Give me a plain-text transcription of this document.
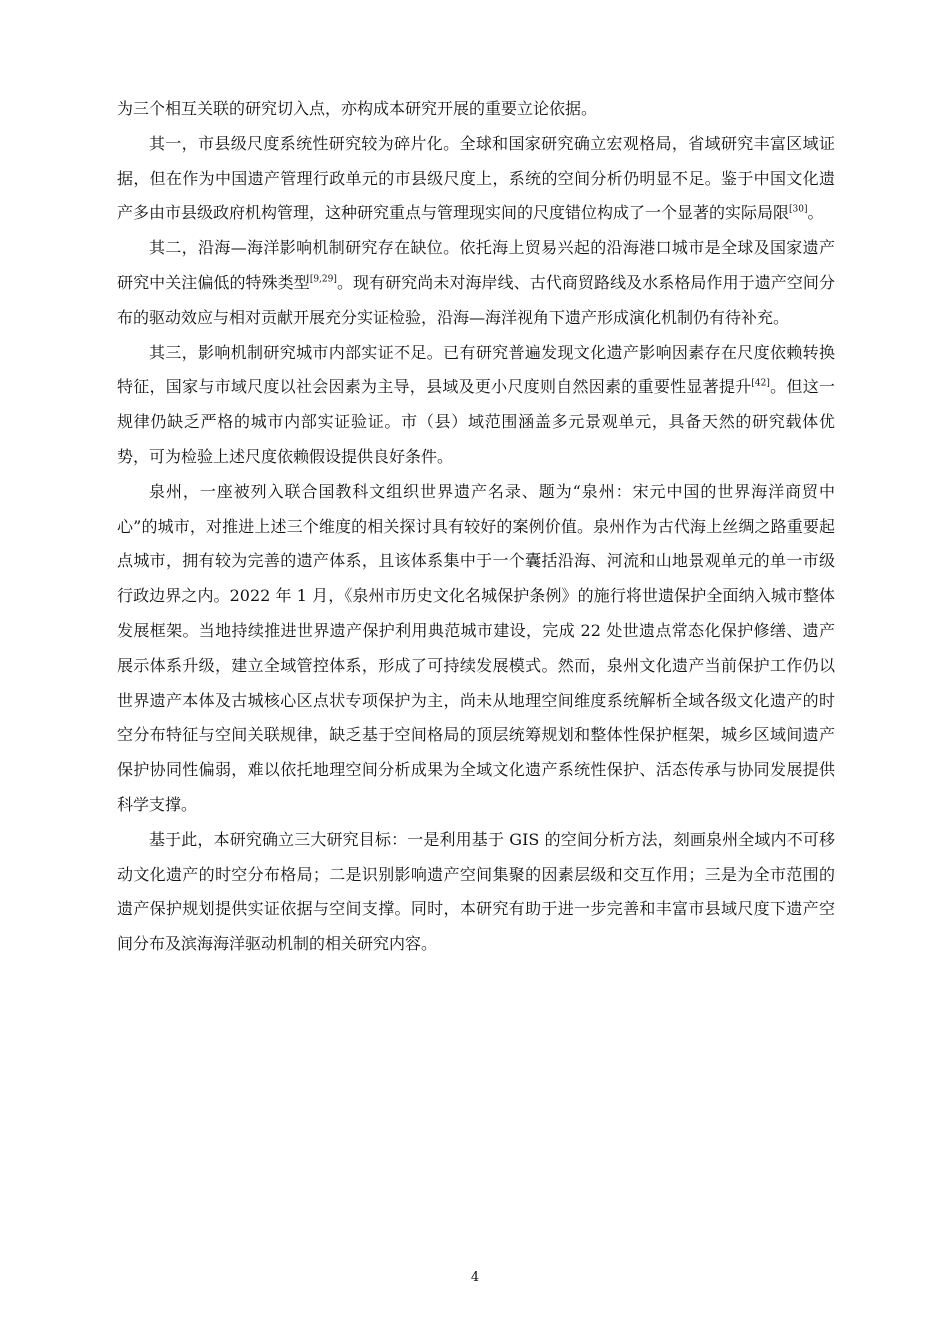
为三个相互关联的研究切入点，亦构成本研究开展的重要立论依据。

其一，市县级尺度系统性研究较为碎片化。全球和国家研究确立宏观格局，省域研究丰富区域证据，但在作为中国遗产管理行政单元的市县级尺度上，系统的空间分析仍明显不足。鉴于中国文化遗产多由市县级政府机构管理，这种研究重点与管理现实间的尺度错位构成了一个显著的实际局限[30]。

其二，沿海—海洋影响机制研究存在缺位。依托海上贸易兴起的沿海港口城市是全球及国家遗产研究中关注偏低的特殊类型[9,29]。现有研究尚未对海岸线、古代商贸路线及水系格局作用于遗产空间分布的驱动效应与相对贡献开展充分实证检验，沿海—海洋视角下遗产形成演化机制仍有待补充。

其三，影响机制研究城市内部实证不足。已有研究普遍发现文化遗产影响因素存在尺度依赖转换特征，国家与市域尺度以社会因素为主导，县域及更小尺度则自然因素的重要性显著提升[42]。但这一规律仍缺乏严格的城市内部实证验证。市（县）域范围涵盖多元景观单元，具备天然的研究载体优势，可为检验上述尺度依赖假设提供良好条件。

泉州，一座被列入联合国教科文组织世界遗产名录、题为“泉州：宋元中国的世界海洋商贸中心”的城市，对推进上述三个维度的相关探讨具有较好的案例价值。泉州作为古代海上丝绸之路重要起点城市，拥有较为完善的遗产体系，且该体系集中于一个囊括沿海、河流和山地景观单元的单一市级行政边界之内。2022 年 1 月，《泉州市历史文化名城保护条例》的施行将世遗保护全面纳入城市整体发展框架。当地持续推进世界遗产保护利用典范城市建设，完成 22 处世遗点常态化保护修缮、遗产展示体系升级，建立全域管控体系，形成了可持续发展模式。然而，泉州文化遗产当前保护工作仍以世界遗产本体及古城核心区点状专项保护为主，尚未从地理空间维度系统解析全域各级文化遗产的时空分布特征与空间关联规律，缺乏基于空间格局的顶层统筹规划和整体性保护框架，城乡区域间遗产保护协同性偏弱，难以依托地理空间分析成果为全域文化遗产系统性保护、活态传承与协同发展提供科学支撑。

基于此，本研究确立三大研究目标：一是利用基于 GIS 的空间分析方法，刻画泉州全域内不可移动文化遗产的时空分布格局；二是识别影响遗产空间集聚的因素层级和交互作用；三是为全市范围的遗产保护规划提供实证依据与空间支撑。同时，本研究有助于进一步完善和丰富市县域尺度下遗产空间分布及滨海海洋驱动机制的相关研究内容。

4
